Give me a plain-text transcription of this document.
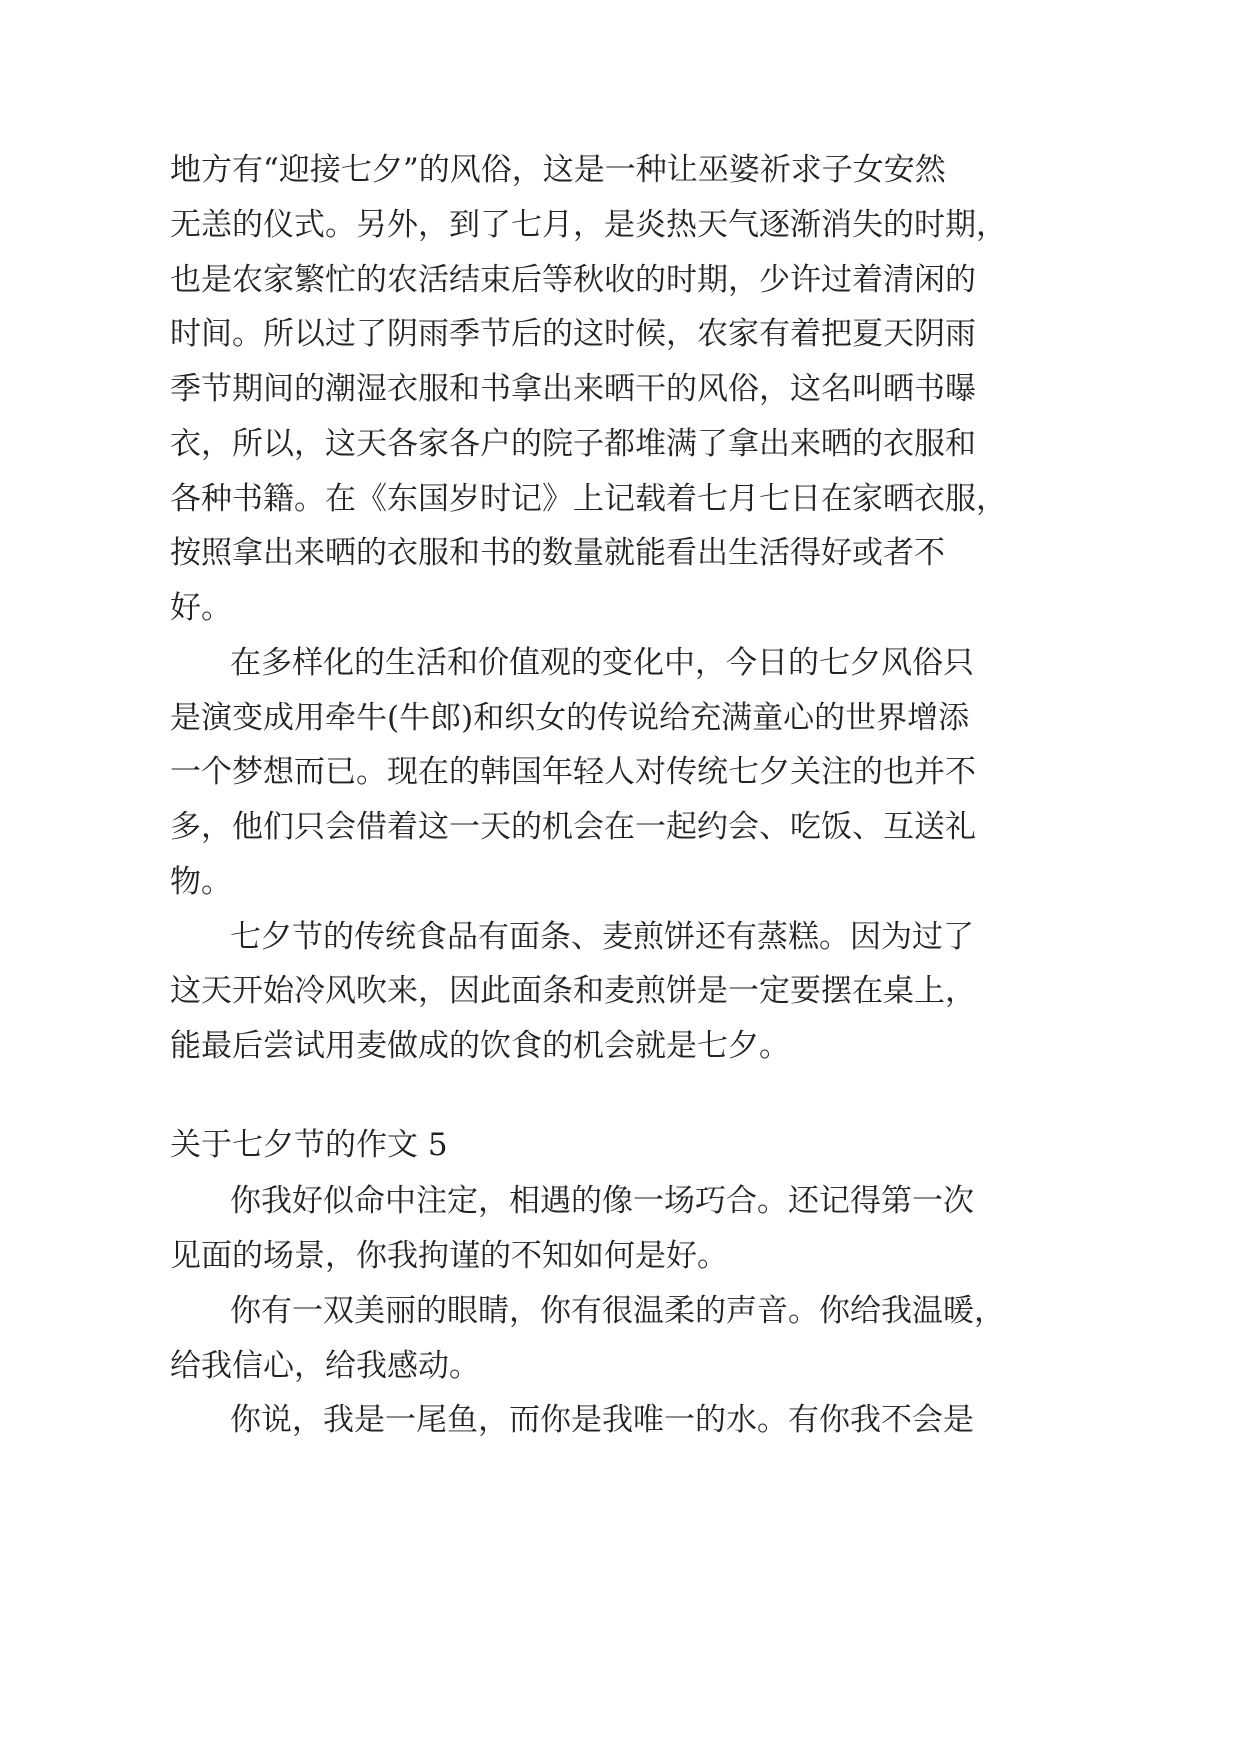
地方有“迎接七夕”的风俗，这是一种让巫婆祈求子女安然

无恙的仪式。另外，到了七月，是炎热天气逐渐消失的时期，

也是农家繁忙的农活结束后等秋收的时期，少许过着清闲的

时间。所以过了阴雨季节后的这时候，农家有着把夏天阴雨

季节期间的潮湿衣服和书拿出来晒干的风俗，这名叫晒书曝

衣，所以，这天各家各户的院子都堆满了拿出来晒的衣服和

各种书籍。在《东国岁时记》上记载着七月七日在家晒衣服，

按照拿出来晒的衣服和书的数量就能看出生活得好或者不

好。

在多样化的生活和价值观的变化中，今日的七夕风俗只

是演变成用牵牛(牛郎)和织女的传说给充满童心的世界增添

一个梦想而已。现在的韩国年轻人对传统七夕关注的也并不

多，他们只会借着这一天的机会在一起约会、吃饭、互送礼

物。

七夕节的传统食品有面条、麦煎饼还有蒸糕。因为过了

这天开始冷风吹来，因此面条和麦煎饼是一定要摆在桌上，

能最后尝试用麦做成的饮食的机会就是七夕。

关于七夕节的作文 5

你我好似命中注定，相遇的像一场巧合。还记得第一次

见面的场景，你我拘谨的不知如何是好。

你有一双美丽的眼睛，你有很温柔的声音。你给我温暖，

给我信心，给我感动。

你说，我是一尾鱼，而你是我唯一的水。有你我不会是
